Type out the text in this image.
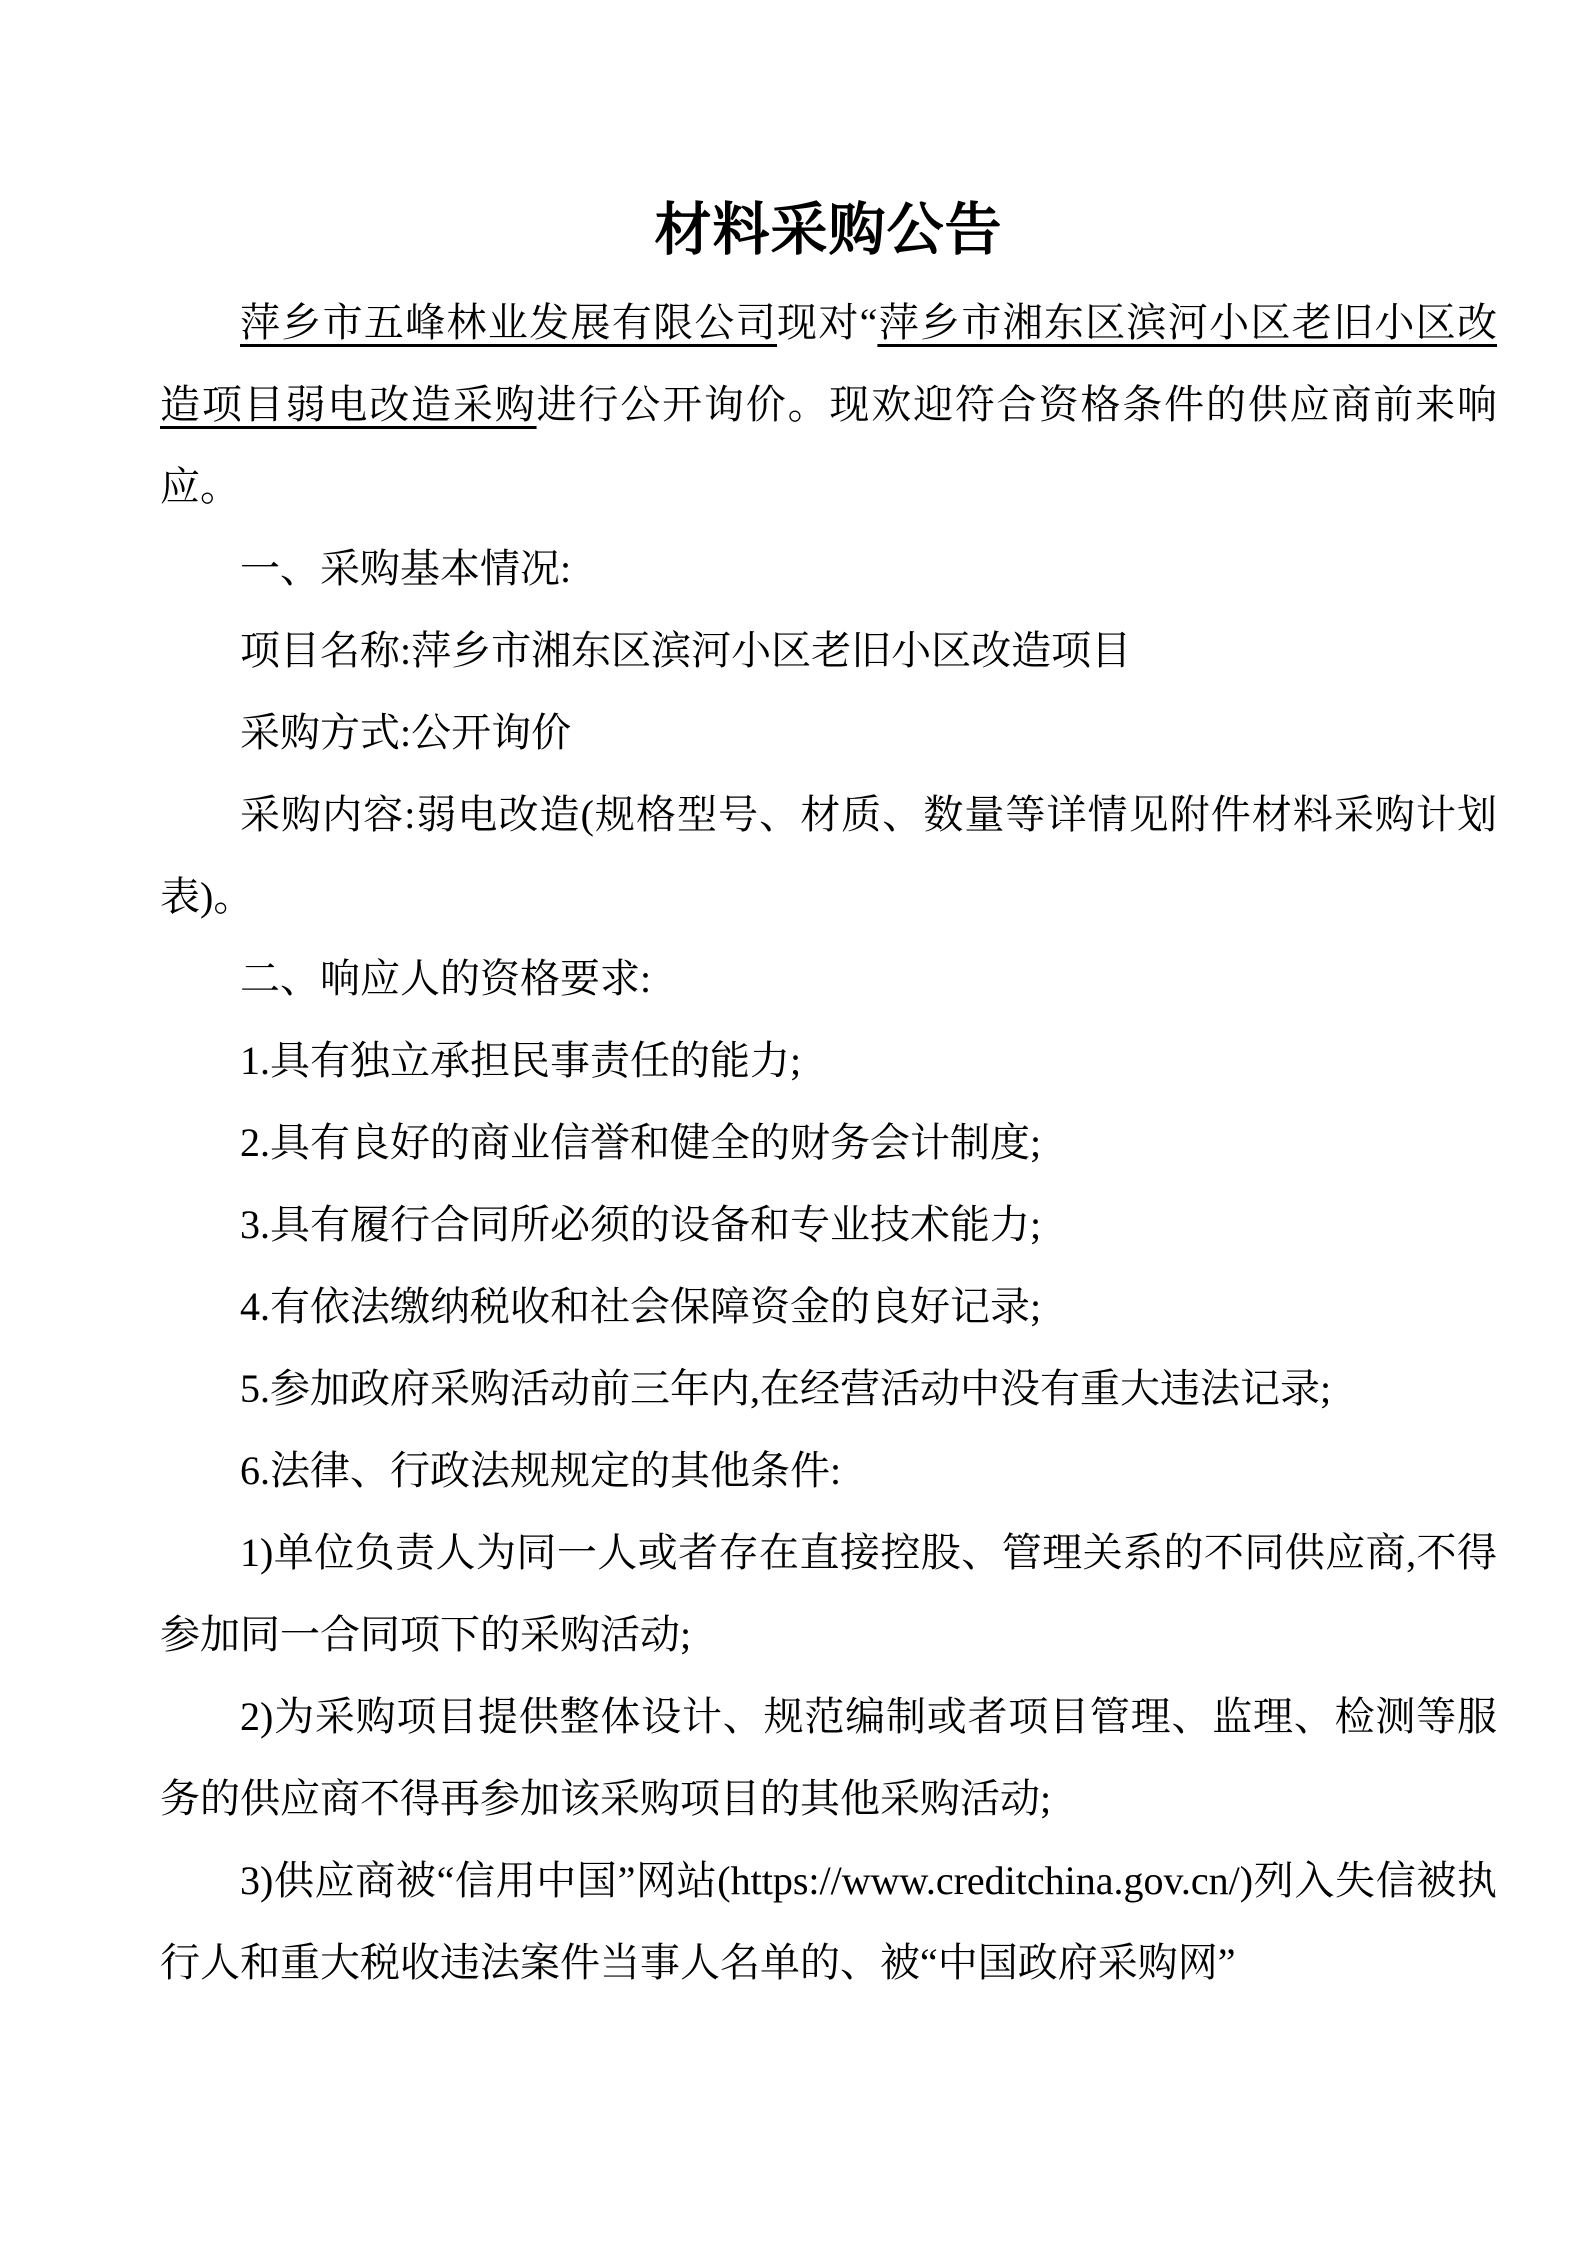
材料采购公告

萍乡市五峰林业发展有限公司现对“萍乡市湘东区滨河小区老旧小区改造项目弱电改造采购进行公开询价。现欢迎符合资格条件的供应商前来响应。

一、采购基本情况:

项目名称:萍乡市湘东区滨河小区老旧小区改造项目

采购方式:公开询价

采购内容:弱电改造(规格型号、材质、数量等详情见附件材料采购计划表)。

二、响应人的资格要求:

1.具有独立承担民事责任的能力;

2.具有良好的商业信誉和健全的财务会计制度;

3.具有履行合同所必须的设备和专业技术能力;

4.有依法缴纳税收和社会保障资金的良好记录;

5.参加政府采购活动前三年内,在经营活动中没有重大违法记录;

6.法律、行政法规规定的其他条件:

1)单位负责人为同一人或者存在直接控股、管理关系的不同供应商,不得参加同一合同项下的采购活动;

2)为采购项目提供整体设计、规范编制或者项目管理、监理、检测等服务的供应商不得再参加该采购项目的其他采购活动;

3)供应商被“信用中国”网站(https://www.creditchina.gov.cn/)列入失信被执行人和重大税收违法案件当事人名单的、被“中国政府采购网”
